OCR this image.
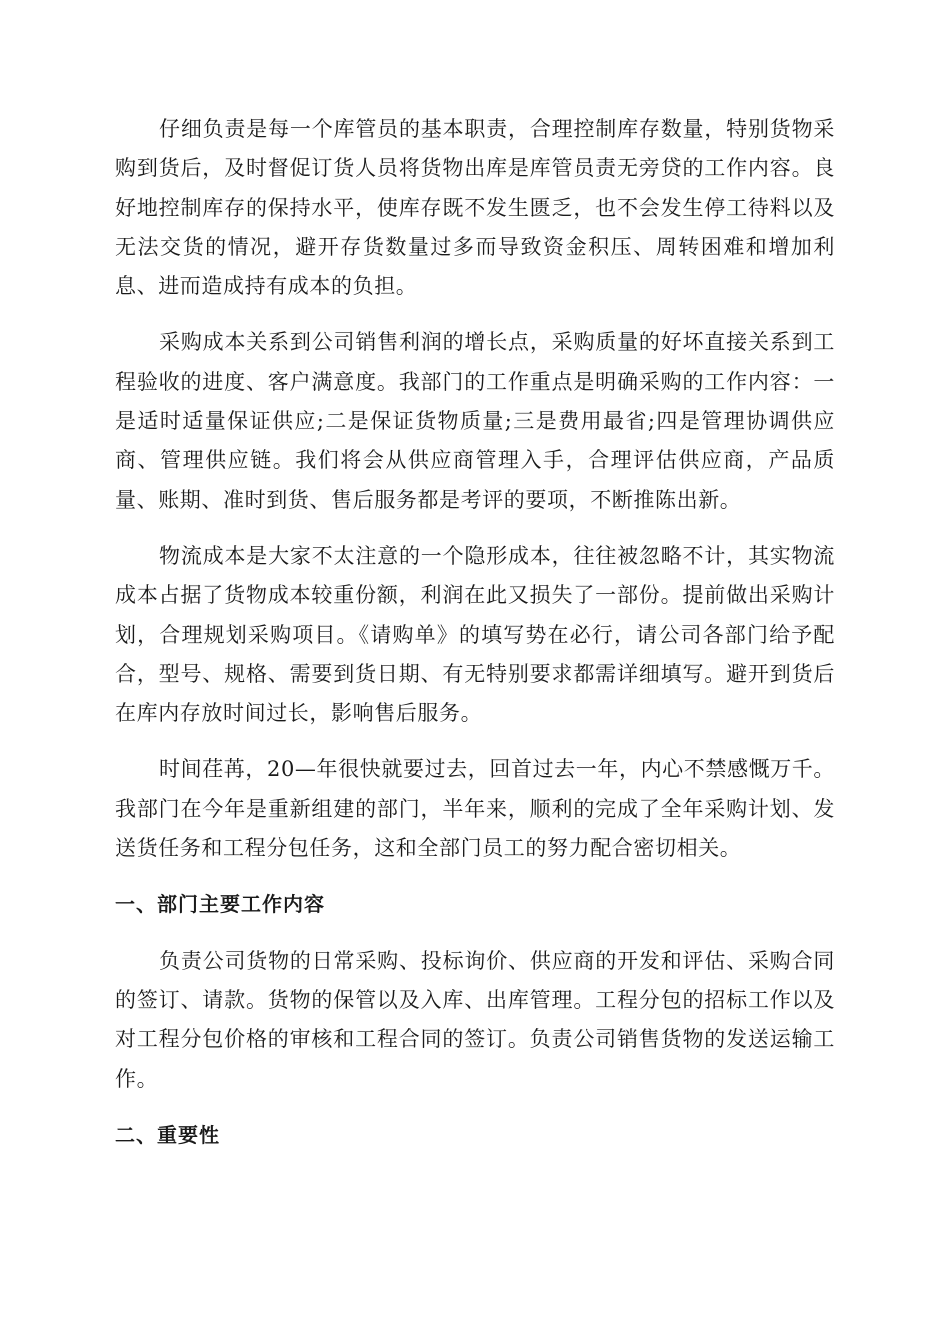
仔细负责是每一个库管员的基本职责，合理控制库存数量，特别货物采购到货后，及时督促订货人员将货物出库是库管员责无旁贷的工作内容。良好地控制库存的保持水平，使库存既不发生匮乏，也不会发生停工待料以及无法交货的情况，避开存货数量过多而导致资金积压、周转困难和增加利息、进而造成持有成本的负担。

采购成本关系到公司销售利润的增长点，采购质量的好坏直接关系到工程验收的进度、客户满意度。我部门的工作重点是明确采购的工作内容：一是适时适量保证供应;二是保证货物质量;三是费用最省;四是管理协调供应商、管理供应链。我们将会从供应商管理入手，合理评估供应商，产品质量、账期、准时到货、售后服务都是考评的要项，不断推陈出新。

物流成本是大家不太注意的一个隐形成本，往往被忽略不计，其实物流成本占据了货物成本较重份额，利润在此又损失了一部份。提前做出采购计划，合理规划采购项目。《请购单》的填写势在必行，请公司各部门给予配合，型号、规格、需要到货日期、有无特别要求都需详细填写。避开到货后在库内存放时间过长，影响售后服务。

时间荏苒，20—年很快就要过去，回首过去一年，内心不禁感慨万千。我部门在今年是重新组建的部门，半年来，顺利的完成了全年采购计划、发送货任务和工程分包任务，这和全部门员工的努力配合密切相关。

一、部门主要工作内容

负责公司货物的日常采购、投标询价、供应商的开发和评估、采购合同的签订、请款。货物的保管以及入库、出库管理。工程分包的招标工作以及对工程分包价格的审核和工程合同的签订。负责公司销售货物的发送运输工作。

二、重要性
